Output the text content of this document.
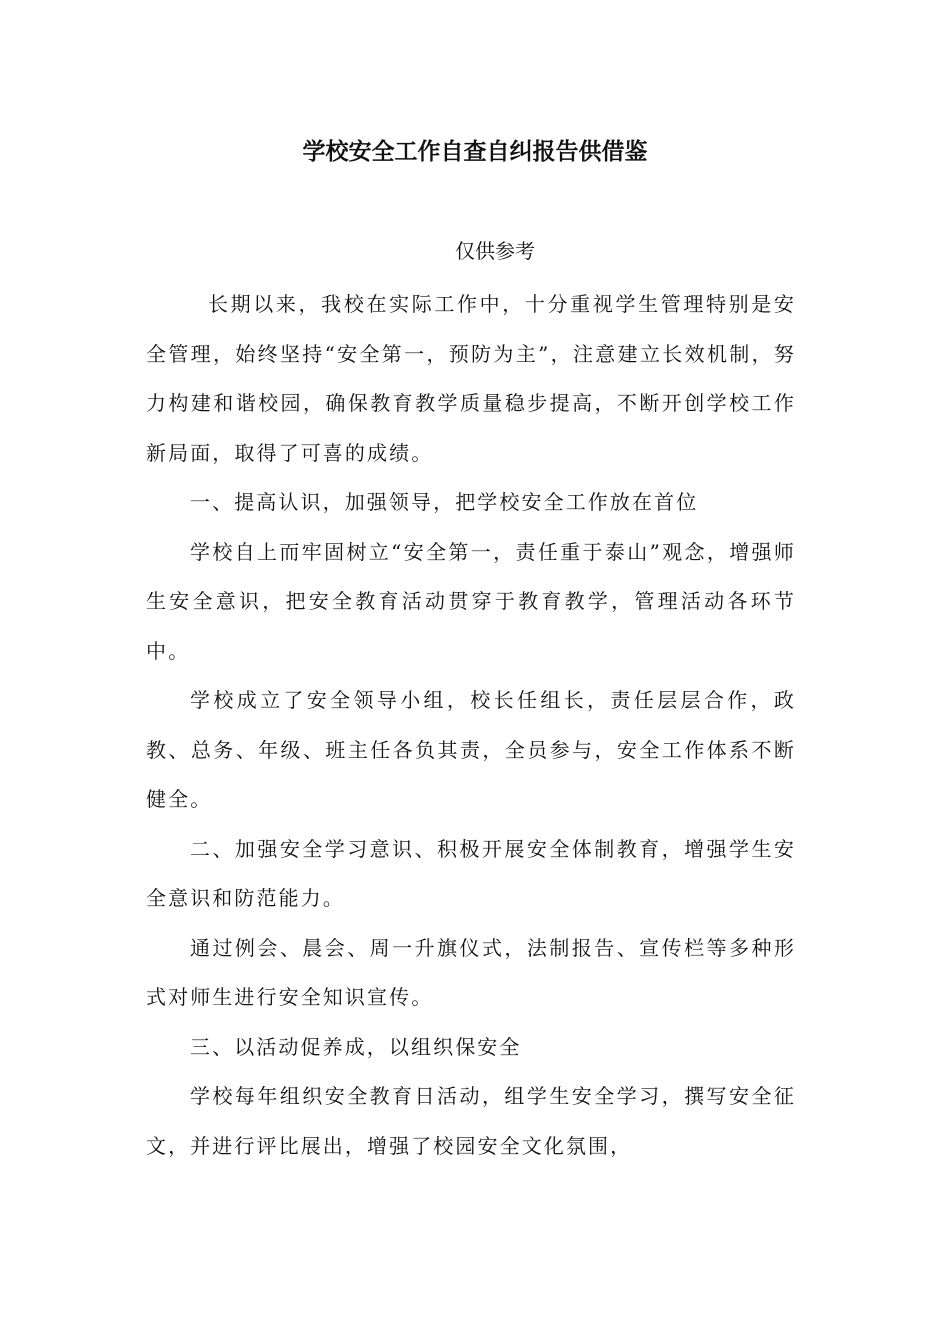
学校安全工作自查自纠报告供借鉴
仅供参考

长期以来，我校在实际工作中，十分重视学生管理特别是安全管理，始终坚持“安全第一，预防为主”，注意建立长效机制，努力构建和谐校园，确保教育教学质量稳步提高，不断开创学校工作新局面，取得了可喜的成绩。

一、提高认识，加强领导，把学校安全工作放在首位

学校自上而牢固树立“安全第一，责任重于泰山”观念，增强师生安全意识，把安全教育活动贯穿于教育教学，管理活动各环节中。

学校成立了安全领导小组，校长任组长，责任层层合作，政教、总务、年级、班主任各负其责，全员参与，安全工作体系不断健全。

二、加强安全学习意识、积极开展安全体制教育，增强学生安全意识和防范能力。

通过例会、晨会、周一升旗仪式，法制报告、宣传栏等多种形式对师生进行安全知识宣传。

三、以活动促养成，以组织保安全

学校每年组织安全教育日活动，组学生安全学习，撰写安全征文，并进行评比展出，增强了校园安全文化氛围，
